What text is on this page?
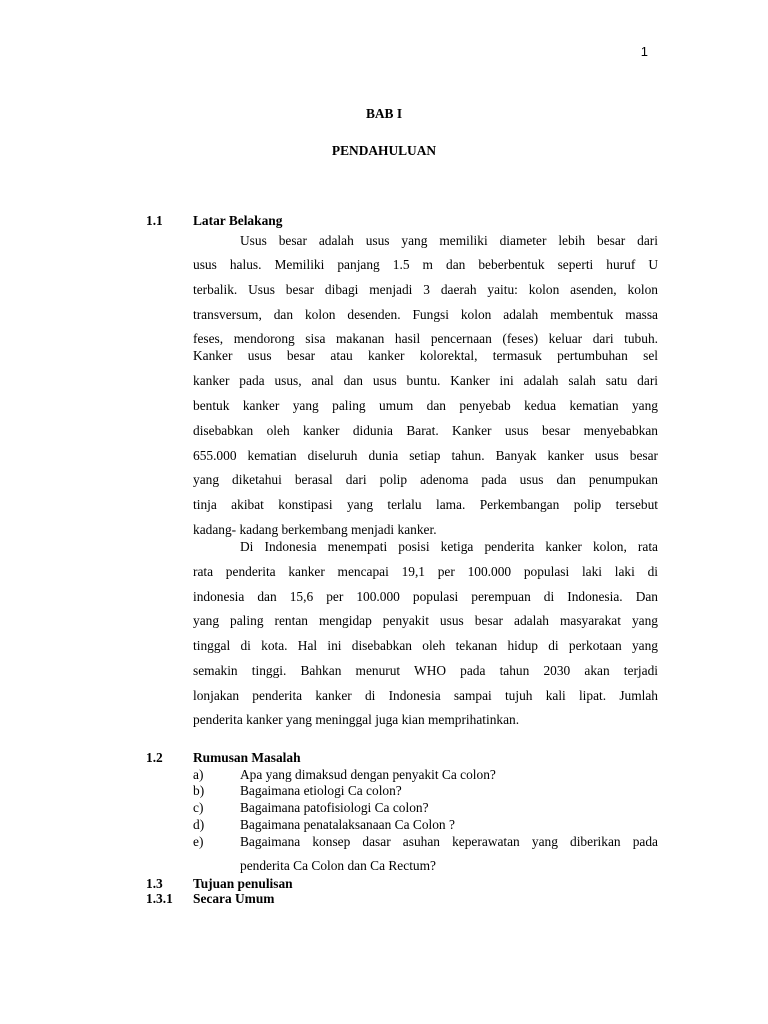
1
BAB I
PENDAHULUAN
1.1 Latar Belakang
Usus besar adalah usus yang memiliki diameter lebih besar dari
usus halus. Memiliki panjang 1.5 m dan beberbentuk seperti huruf U
terbalik. Usus besar dibagi menjadi 3 daerah yaitu: kolon asenden, kolon
transversum, dan kolon desenden. Fungsi kolon adalah membentuk massa
feses, mendorong sisa makanan hasil pencernaan (feses) keluar dari tubuh.
Kanker usus besar atau kanker kolorektal, termasuk pertumbuhan sel
kanker pada usus, anal dan usus buntu. Kanker ini adalah salah satu dari
bentuk kanker yang paling umum dan penyebab kedua kematian yang
disebabkan oleh kanker didunia Barat. Kanker usus besar menyebabkan
655.000 kematian diseluruh dunia setiap tahun. Banyak kanker usus besar
yang diketahui berasal dari polip adenoma pada usus dan penumpukan
tinja akibat konstipasi yang terlalu lama. Perkembangan polip tersebut
kadang- kadang berkembang menjadi kanker.
Di Indonesia menempati posisi ketiga penderita kanker kolon, rata
rata penderita kanker mencapai 19,1 per 100.000 populasi laki laki di
indonesia dan 15,6 per 100.000 populasi perempuan di Indonesia. Dan
yang paling rentan mengidap penyakit usus besar adalah masyarakat yang
tinggal di kota. Hal ini disebabkan oleh tekanan hidup di perkotaan yang
semakin tinggi. Bahkan menurut WHO pada tahun 2030 akan terjadi
lonjakan penderita kanker di Indonesia sampai tujuh kali lipat. Jumlah
penderita kanker yang meninggal juga kian memprihatinkan.
1.2 Rumusan Masalah
a)	Apa yang dimaksud dengan penyakit Ca colon?
b)	Bagaimana etiologi Ca colon?
c)	Bagaimana patofisiologi Ca colon?
d)	Bagaimana penatalaksanaan Ca Colon ?
e)	Bagaimana konsep dasar asuhan keperawatan yang diberikan pada
penderita Ca Colon dan Ca Rectum?
1.3 Tujuan penulisan
1.3.1 Secara Umum
